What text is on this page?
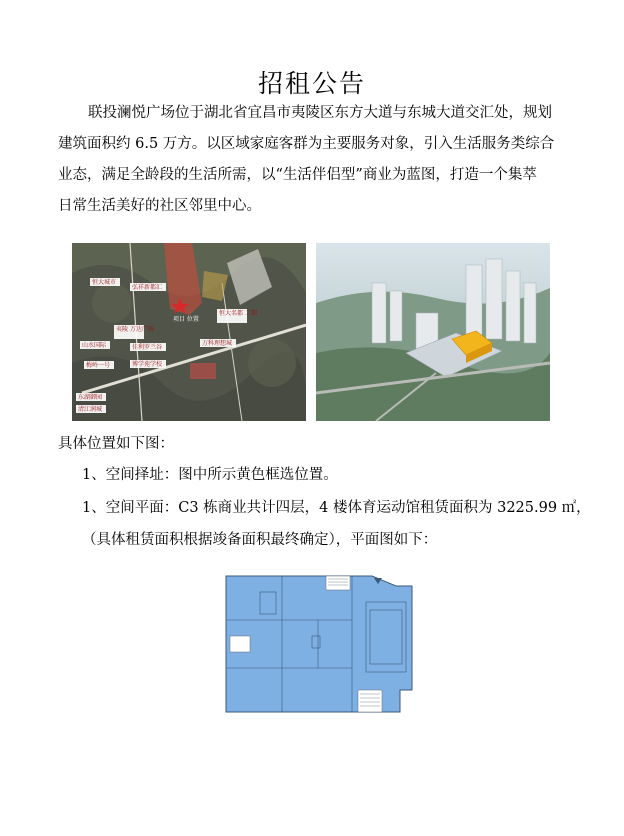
招租公告
联投澜悦广场位于湖北省宜昌市夷陵区东方大道与东城大道交汇处，规划
建筑面积约 6.5 万方。以区域家庭客群为主要服务对象，引入生活服务类综合
业态，满足全龄段的生活所需，以“生活伴侣型”商业为蓝图，打造一个集萃
日常生活美好的社区邻里中心。
恒大城市
弘祥新都汇
恒大名都 二期
夷陵 万达广场
山水国际	佳利罗兰谷
万科理想城
梅岭一号	博学苑学校
东湖御园
清江润城
项目 位置
具体位置如下图：
1、空间择址：图中所示黄色框选位置。
1、空间平面：C3 栋商业共计四层，4 楼体育运动馆租赁面积为 3225.99 ㎡，
（具体租赁面积根据竣备面积最终确定），平面图如下：
